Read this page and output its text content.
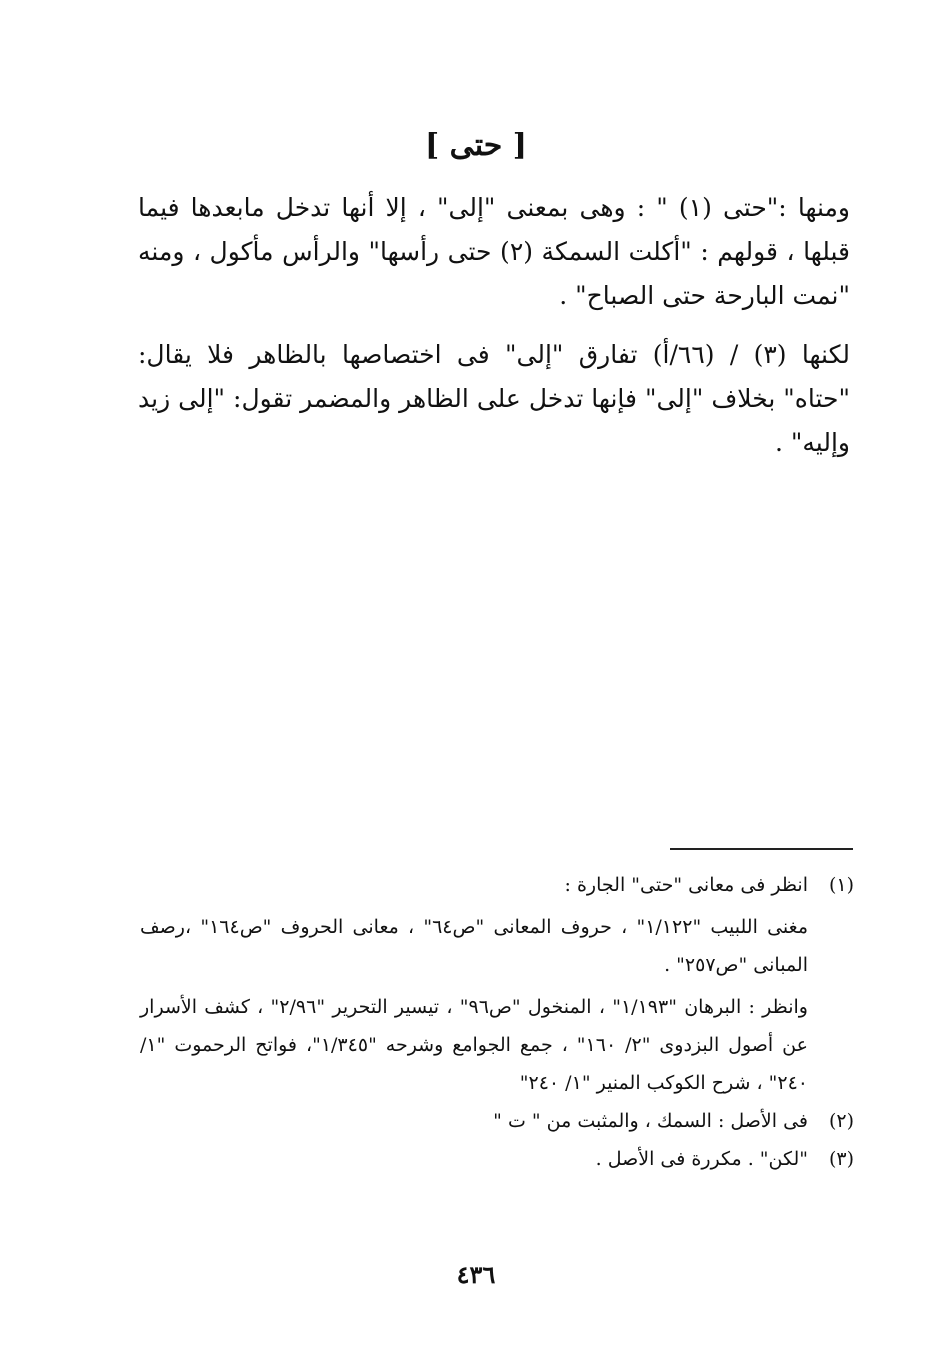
[ حتى ]
ومنها :"حتى (١) " : وهى بمعنى "إلى" ، إلا أنها تدخل مابعدها فيما قبلها ، قولهم : "أكلت السمكة (٢) حتى رأسها" والرأس مأكول ، ومنه "نمت البارحة حتى الصباح" .
لكنها (٣) / (٦٦/أ) تفارق "إلى" فى اختصاصها بالظاهر فلا يقال: "حتاه" بخلاف "إلى" فإنها تدخل على الظاهر والمضمر تقول: "إلى زيد وإليه" .
(١)
انظر فى معانى "حتى" الجارة :
مغنى اللبيب "١/١٢٢" ، حروف المعانى "ص٦٤" ، معانى الحروف "ص١٦٤" ،رصف المبانى "ص٢٥٧" .
وانظر : البرهان "١/١٩٣" ، المنخول "ص٩٦" ، تيسير التحرير "٢/٩٦" ، كشف الأسرار عن أصول البزدوى "٢/ ١٦٠" ، جمع الجوامع وشرحه "١/٣٤٥"، فواتح الرحموت "١/ ٢٤٠" ، شرح الكوكب المنير "١/ ٢٤٠"
(٢)
فى الأصل : السمك ، والمثبت من " ت "
(٣)
"لكن" . مكررة فى الأصل .
٤٣٦
